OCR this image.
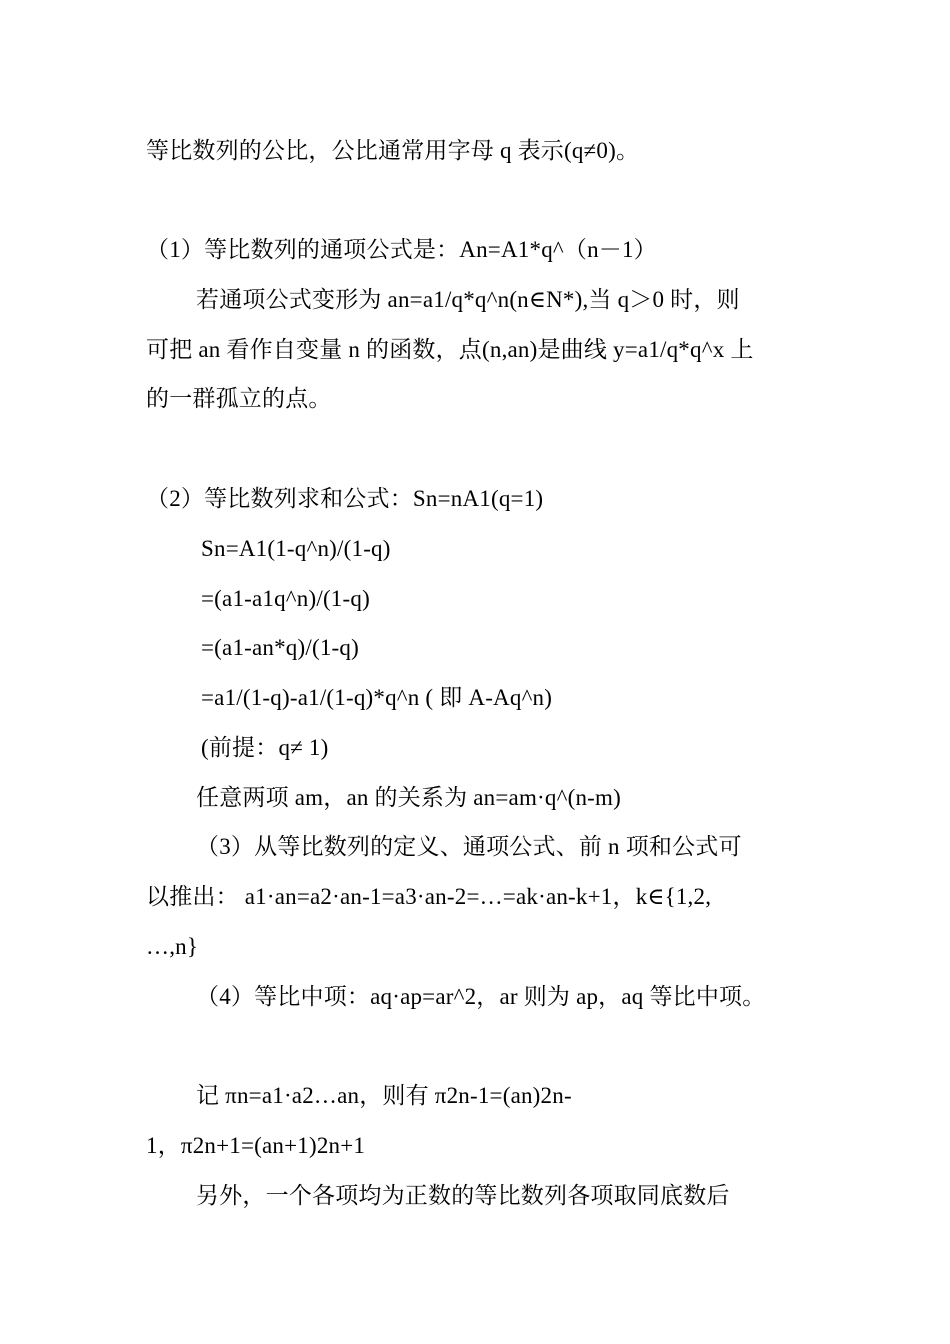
等比数列的公比，公比通常用字母 q 表示(q≠0)。
（1）等比数列的通项公式是：An=A1*q^（n－1）
若通项公式变形为 an=a1/q*q^n(n∈N*),当 q＞0 时，则
可把 an 看作自变量 n 的函数，点(n,an)是曲线 y=a1/q*q^x 上
的一群孤立的点。
（2）等比数列求和公式：Sn=nA1(q=1)
Sn=A1(1-q^n)/(1-q)
=(a1-a1q^n)/(1-q)
=(a1-an*q)/(1-q)
=a1/(1-q)-a1/(1-q)*q^n ( 即 A-Aq^n)
(前提：q≠ 1)
任意两项 am，an 的关系为 an=am·q^(n-m)
（3）从等比数列的定义、通项公式、前 n 项和公式可
以推出： a1·an=a2·an-1=a3·an-2=…=ak·an-k+1，k∈{1,2,
…,n}
（4）等比中项：aq·ap=ar^2，ar 则为 ap，aq 等比中项。
记 πn=a1·a2…an，则有 π2n-1=(an)2n-
1，π2n+1=(an+1)2n+1
另外，一个各项均为正数的等比数列各项取同底数后
